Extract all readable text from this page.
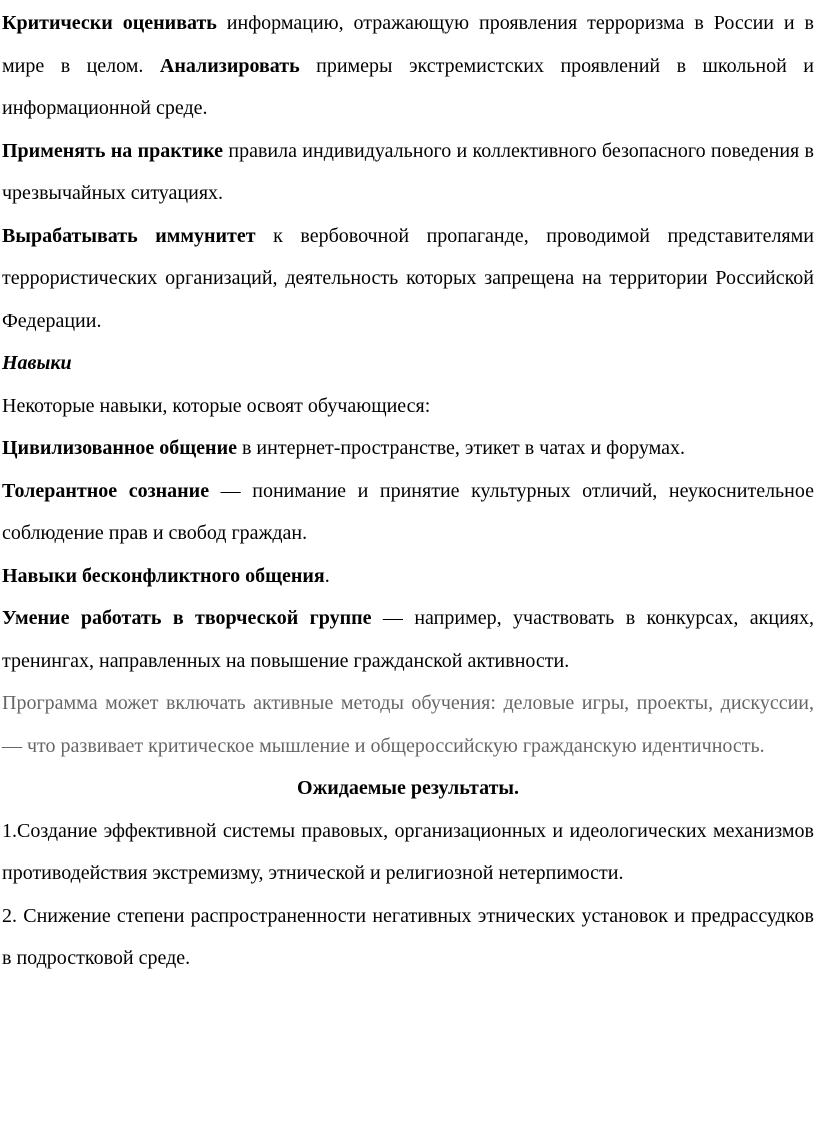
Критически оценивать информацию, отражающую проявления терроризма в России и в мире в целом. Анализировать примеры экстремистских проявлений в школьной и информационной среде.

Применять на практике правила индивидуального и коллективного безопасного поведения в чрезвычайных ситуациях.

Вырабатывать иммунитет к вербовочной пропаганде, проводимой представителями террористических организаций, деятельность которых запрещена на территории Российской Федерации.

Навыки

Некоторые навыки, которые освоят обучающиеся:

Цивилизованное общение в интернет-пространстве, этикет в чатах и форумах.

Толерантное сознание — понимание и принятие культурных отличий, неукоснительное соблюдение прав и свобод граждан.

Навыки бесконфликтного общения.

Умение работать в творческой группе — например, участвовать в конкурсах, акциях, тренингах, направленных на повышение гражданской активности.

Программа может включать активные методы обучения: деловые игры, проекты, дискуссии, — что развивает критическое мышление и общероссийскую гражданскую идентичность.

Ожидаемые результаты.

1.Создание эффективной системы правовых, организационных и идеологических механизмов противодействия экстремизму, этнической и религиозной нетерпимости.

2. Снижение степени распространенности негативных этнических установок и предрассудков в подростковой среде.
